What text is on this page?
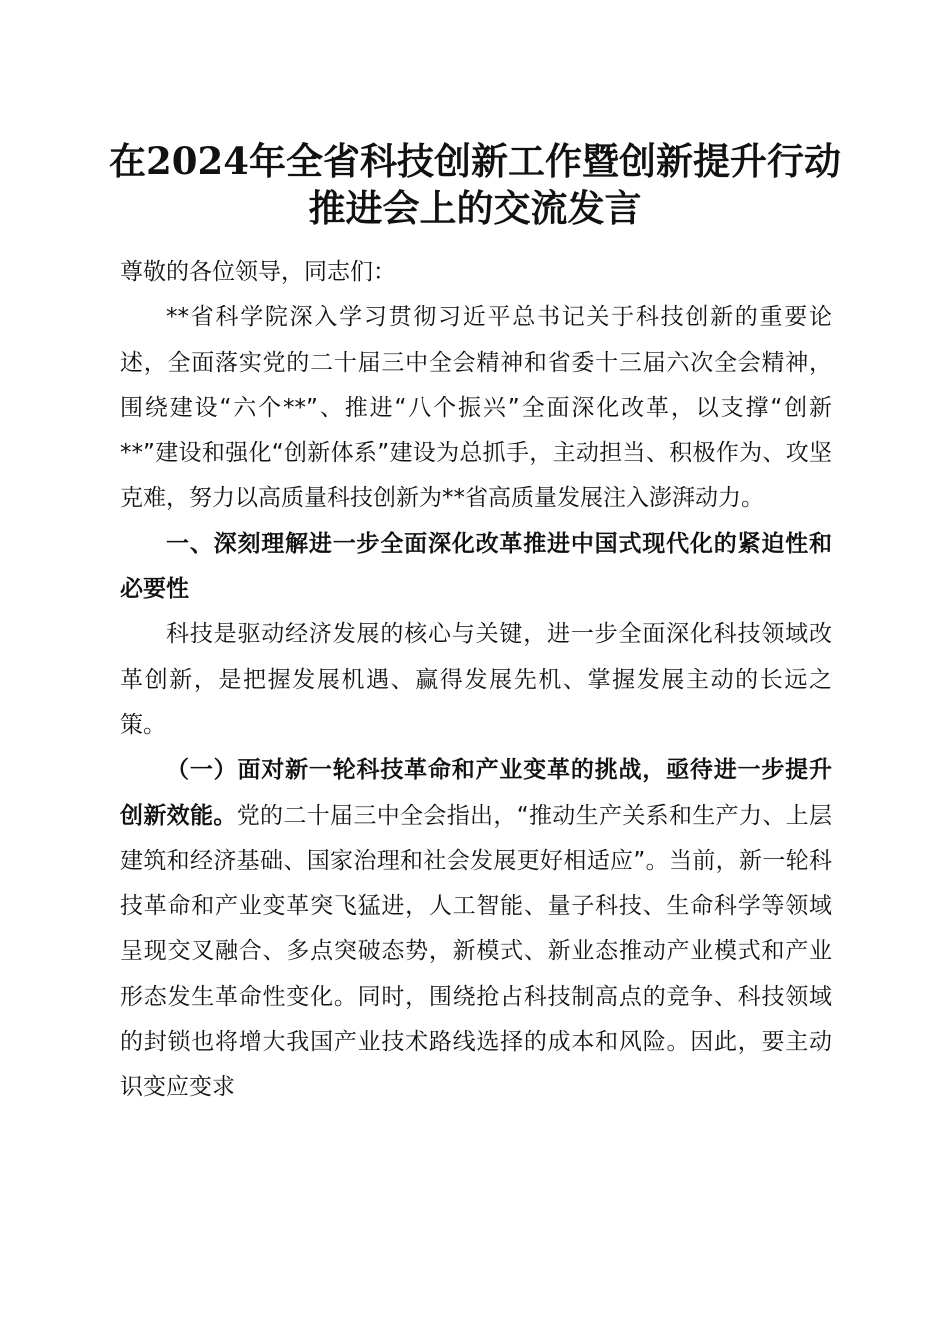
在2024年全省科技创新工作暨创新提升行动
推进会上的交流发言

尊敬的各位领导，同志们：

**省科学院深入学习贯彻习近平总书记关于科技创新的重要论述，全面落实党的二十届三中全会精神和省委十三届六次全会精神，围绕建设“六个**”、推进“八个振兴”全面深化改革，以支撑“创新**”建设和强化“创新体系”建设为总抓手，主动担当、积极作为、攻坚克难，努力以高质量科技创新为**省高质量发展注入澎湃动力。

一、深刻理解进一步全面深化改革推进中国式现代化的紧迫性和必要性

科技是驱动经济发展的核心与关键，进一步全面深化科技领域改革创新，是把握发展机遇、赢得发展先机、掌握发展主动的长远之策。

（一）面对新一轮科技革命和产业变革的挑战，亟待进一步提升创新效能。党的二十届三中全会指出，“推动生产关系和生产力、上层建筑和经济基础、国家治理和社会发展更好相适应”。当前，新一轮科技革命和产业变革突飞猛进，人工智能、量子科技、生命科学等领域呈现交叉融合、多点突破态势，新模式、新业态推动产业模式和产业形态发生革命性变化。同时，围绕抢占科技制高点的竞争、科技领域的封锁也将增大我国产业技术路线选择的成本和风险。因此，要主动识变应变求
